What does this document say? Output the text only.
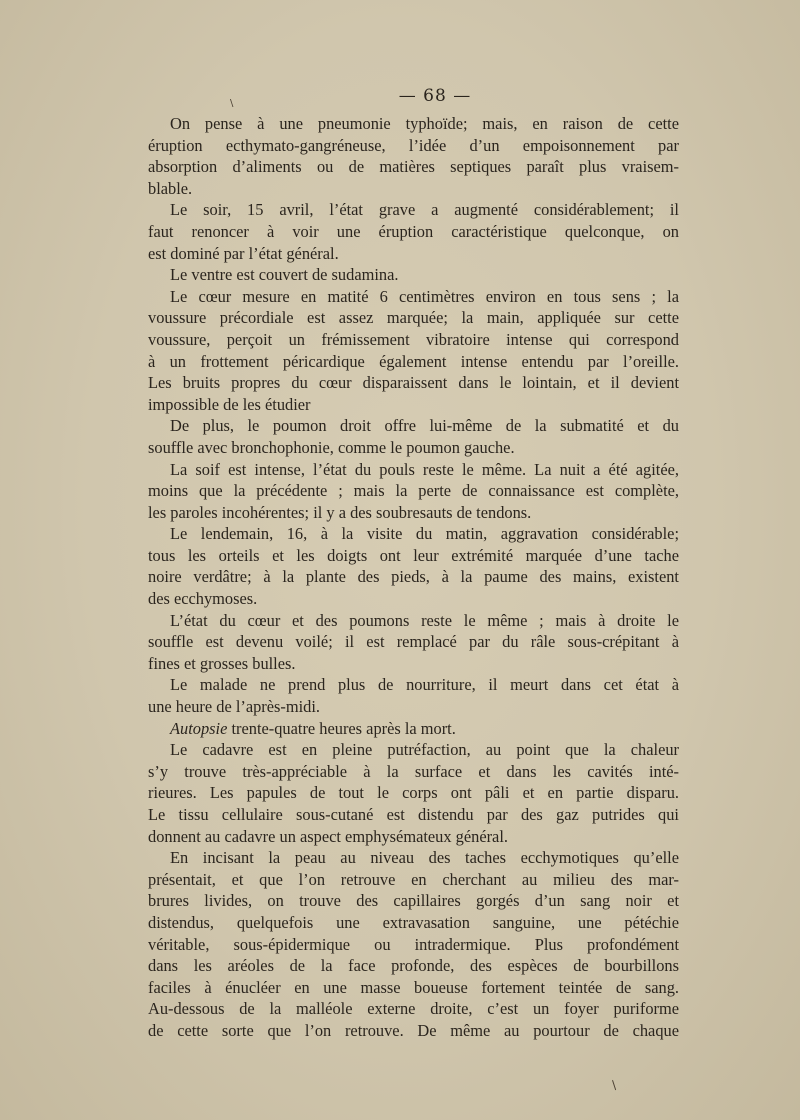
— 68 —
On pense à une pneumonie typhoïde; mais, en raison de cette
éruption ecthymato-gangréneuse, l’idée d’un empoisonnement par
absorption d’aliments ou de matières septiques paraît plus vraisem-
blable.
Le soir, 15 avril, l’état grave a augmenté considérablement; il
faut renoncer à voir une éruption caractéristique quelconque, on
est dominé par l’état général.
Le ventre est couvert de sudamina.
Le cœur mesure en matité 6 centimètres environ en tous sens ; la
voussure précordiale est assez marquée; la main, appliquée sur cette
voussure, perçoit un frémissement vibratoire intense qui correspond
à un frottement péricardique également intense entendu par l’oreille.
Les bruits propres du cœur disparaissent dans le lointain, et il devient
impossible de les étudier
De plus, le poumon droit offre lui-même de la submatité et du
souffle avec bronchophonie, comme le poumon gauche.
La soif est intense, l’état du pouls reste le même. La nuit a été agitée,
moins que la précédente ; mais la perte de connaissance est complète,
les paroles incohérentes; il y a des soubresauts de tendons.
Le lendemain, 16, à la visite du matin, aggravation considérable;
tous les orteils et les doigts ont leur extrémité marquée d’une tache
noire verdâtre; à la plante des pieds, à la paume des mains, existent
des ecchymoses.
L’état du cœur et des poumons reste le même ; mais à droite le
souffle est devenu voilé; il est remplacé par du râle sous-crépitant à
fines et grosses bulles.
Le malade ne prend plus de nourriture, il meurt dans cet état à
une heure de l’après-midi.
Autopsie trente-quatre heures après la mort.
Le cadavre est en pleine putréfaction, au point que la chaleur
s’y trouve très-appréciable à la surface et dans les cavités inté-
rieures. Les papules de tout le corps ont pâli et en partie disparu.
Le tissu cellulaire sous-cutané est distendu par des gaz putrides qui
donnent au cadavre un aspect emphysémateux général.
En incisant la peau au niveau des taches ecchymotiques qu’elle
présentait, et que l’on retrouve en cherchant au milieu des mar-
brures livides, on trouve des capillaires gorgés d’un sang noir et
distendus, quelquefois une extravasation sanguine, une pétéchie
véritable, sous-épidermique ou intradermique. Plus profondément
dans les aréoles de la face profonde, des espèces de bourbillons
faciles à énucléer en une masse boueuse fortement teintée de sang.
Au-dessous de la malléole externe droite, c’est un foyer puriforme
de cette sorte que l’on retrouve. De même au pourtour de chaque
\
/
